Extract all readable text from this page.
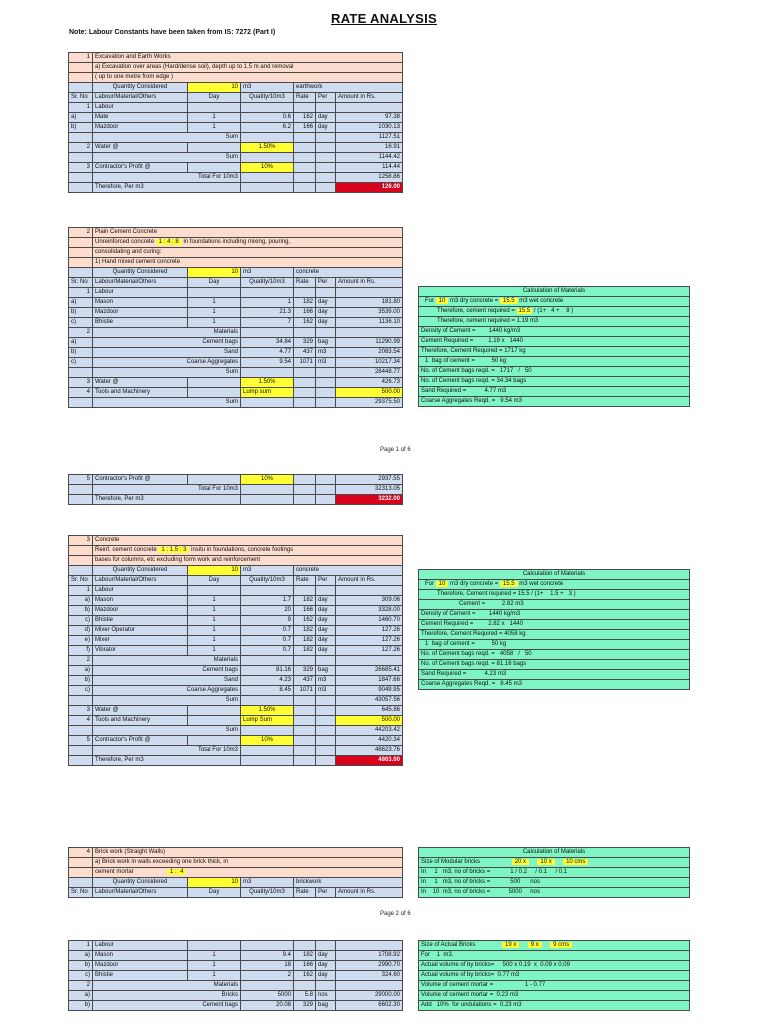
RATE ANALYSIS
Note: Labour Constants have been taken from IS: 7272 (Part I)
1	Excavation and Earth Works					
	a) Excavation over areas (Hard/dense soil), depth up to 1.5 m and removal					
	( up to one metre from edge )					
	Quantity Considered	10	m3	earthwork		
Sr. No	Labour/Material/Others	Day	Quatity/10m3	Rate	Per	Amount in Rs.
1	Labour					
a)	Mate	1	0.6	162	day	97.38
b)	Mazdoor	1	6.2	166	day	1030.13
	Sum					1127.51
2	Water @		1.50%			16.91
	Sum					1144.42
3	Contractor's Profit @		10%			114.44
	Total For 10m3					1258.86
	Therefore, Per m3					126.00
2	Plain Cement Concrete					
	Unreinforced concrete 1 : 4 : 8 in foundations including mixing, pouring,					
	consolidating and curing:					
	1) Hand mixed cement concrete					
	Quantity Considered	10	m3	concrete		
Sr. No	Labour/Material/Others	Day	Quatity/10m3	Rate	Per	Amount in Rs.
1	Labour					
a)	Mason	1	1	182	day	181.80
b)	Mazdoor	1	21.3	166	day	3539.00
c)	Bhistie	1	7	162	day	1136.10
2	Materials					
a)	Cement bags		34.84	329	bag	11290.99
b)	Sand		4.77	437	m3	2083.54
c)	Coarse Aggregates		9.54	1071	m3	10217.34
	Sum					28448.77
3	Water @		1.50%			426.73
4	Tools and Machinery		Lump sum			500.00
	Sum					29375.50
Page 1 of 6
5	Contractor's Profit @		10%			2937.55
	Total For 10m3					32313.05
	Therefore, Per m3					3232.00
Calculation of Materials
For 10 m3 dry concrete = 15.5 m3 wet concrete
Therefore, cement required = 15.5 / (1+ 4 + 8 )
Therefore, cement required = 1.19 m3
Density of Cement = 1440 kg/m3
Cement Required =	1.19 x 1440
Therefore, Cement Required = 1717 kg
1 bag of cement =	50 kg
No. of Cement bags reqd. = 1717 / 50
No. of Cement bags reqd. = 34.34 bags
Sand Required =	4.77 m3
Coarse Aggregates Reqd. = 9.54 m3
3	Concrete					
	Reinf. cement concrete 1 : 1.5 : 3 insitu in foundations, concrete footings					
	bases for columns, etc excluding form work and reinforcement					
	Quantity Considered	10	m3	concrete		
Sr. No	Labour/Material/Others	Day	Quatity/10m3	Rate	Per	Amount in Rs.
1	Labour					
a)	Mason	1	1.7	182	day	309.06
b)	Mazdoor	1	20	166	day	3328.00
c)	Bhistie	1	9	162	day	1460.70
d)	Mixer Operator	1	0.7	182	day	127.26
e)	Mixer	1	0.7	182	day	127.26
f)	Vibrator	1	0.7	182	day	127.26
2	Materials					
a)	Cement bags		81.16	329	bag	26685.41
b)	Sand		4.23	437	m3	1847.66
c)	Coarse Aggregates		8.45	1071	m3	9049.95
	Sum					43057.56
3	Water @		1.50%			645.86
4	Tools and Machinery		Lump Sum			500.00
	Sum					44203.42
5	Contractor's Profit @		10%			4420.34
	Total For 10m3					48623.76
	Therefore, Per m3					4863.00
Calculation of Materials
For 10 m3 dry concrete = 15.5 m3 wet concrete
Therefore, Cement required = 15.5 / (1+ 1.5 + 3 )
Cement =	2.82 m3
Density of Cement = 1440 kg/m3
Cement Required =	2.82 x 1440
Therefore, Cement Required = 4058 kg
1 bag of cement =	50 kg
No. of Cement bags reqd. = 4058 / 50
No. of Cement bags reqd. = 81.16 bags
Sand Required =	4.23 m3
Coarse Aggregates Reqd. = 8.45 m3
4	Brick work (Straight Walls)					
	a) Brick work in walls exceeding one brick thick, in					
	cement mortar 1 : 4					
	Quantity Considered	10	m3	brickwork		
Sr. No	Labour/Material/Others	Day	Quatity/10m3	Rate	Per	Amount in Rs.
Calculation of Materials
Size of Modular bricks	20 x 10 x 10 cms
In 1 m3, no of bricks =	1 / 0.2 / 0.1 / 0.1
In 1 m3, no of bricks =	500 nos
In 10 m3, no of bricks =	5000 nos
Page 2 of 6
1	Labour					
a)	Mason	1	9.4	182	day	1708.92
b)	Mazdoor	1	18	166	day	2990.70
c)	Bhistie	1	2	162	day	324.60
2	Materials					
a)	Bricks		5000	5.8	nos	29000.00
b)	Cement bags		20.08	329	bag	6602.30
Size of Actual Bricks	19 x 9 x 9 cms
For 1 m3,
Actual volume of by bricks= 500 x 0.19 x 0.09 x 0.09
Actual volume of by bricks= 0.77 m3
Volume of cement mortar =	1 - 0.77
Volume of cement mortar = 0.23 m3
Add 10% for undulations = 0.23 m3
